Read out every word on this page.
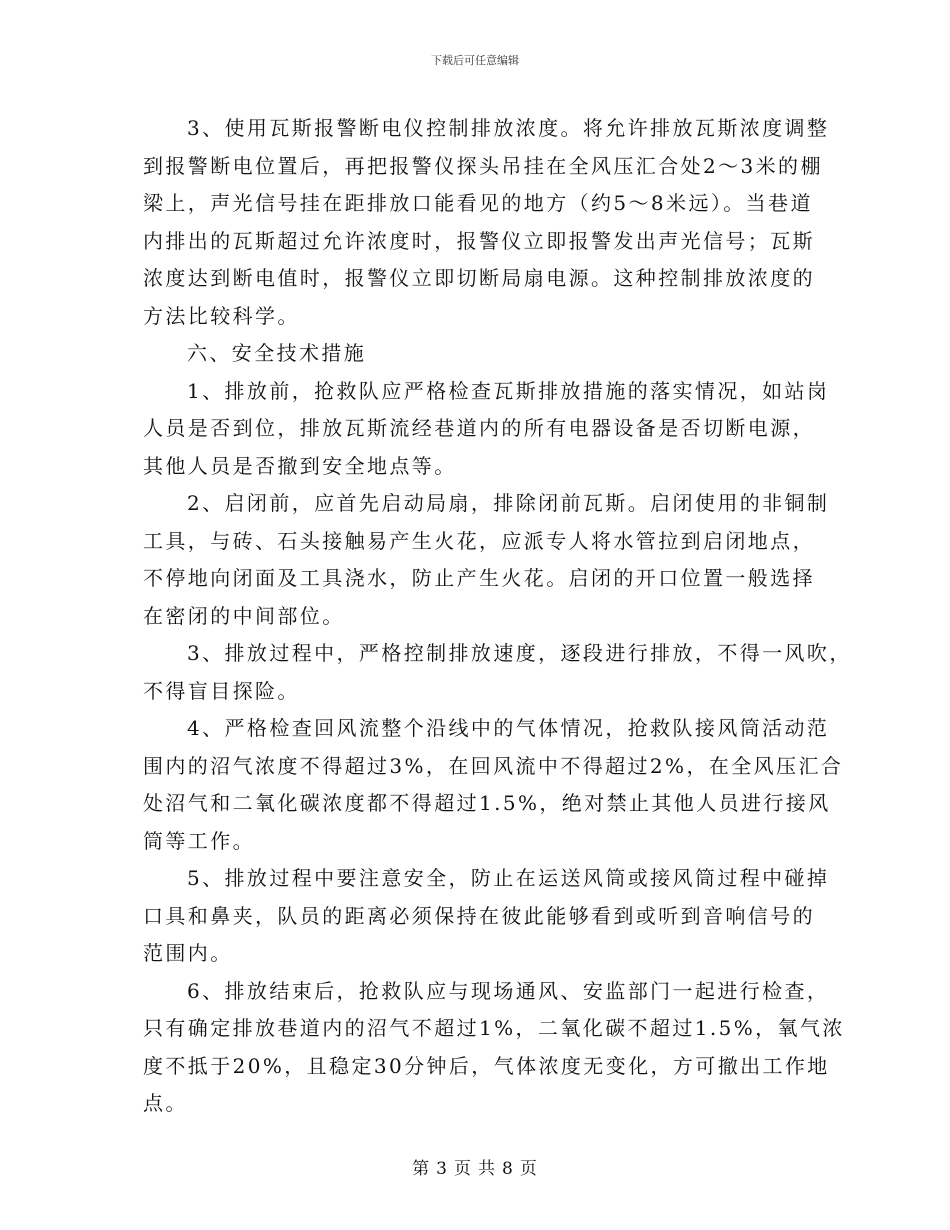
下载后可任意编辑
3、使用瓦斯报警断电仪控制排放浓度。将允许排放瓦斯浓度调整
到报警断电位置后，再把报警仪探头吊挂在全风压汇合处2～3米的棚
梁上，声光信号挂在距排放口能看见的地方（约5～8米远）。当巷道
内排出的瓦斯超过允许浓度时，报警仪立即报警发出声光信号；瓦斯
浓度达到断电值时，报警仪立即切断局扇电源。这种控制排放浓度的
方法比较科学。
六、安全技术措施
1、排放前，抢救队应严格检查瓦斯排放措施的落实情况，如站岗
人员是否到位，排放瓦斯流经巷道内的所有电器设备是否切断电源，
其他人员是否撤到安全地点等。
2、启闭前，应首先启动局扇，排除闭前瓦斯。启闭使用的非铜制
工具，与砖、石头接触易产生火花，应派专人将水管拉到启闭地点，
不停地向闭面及工具浇水，防止产生火花。启闭的开口位置一般选择
在密闭的中间部位。
3、排放过程中，严格控制排放速度，逐段进行排放，不得一风吹，
不得盲目探险。
4、严格检查回风流整个沿线中的气体情况，抢救队接风筒活动范
围内的沼气浓度不得超过3%，在回风流中不得超过2%，在全风压汇合
处沼气和二氧化碳浓度都不得超过1.5%，绝对禁止其他人员进行接风
筒等工作。
5、排放过程中要注意安全，防止在运送风筒或接风筒过程中碰掉
口具和鼻夹，队员的距离必须保持在彼此能够看到或听到音响信号的
范围内。
6、排放结束后，抢救队应与现场通风、安监部门一起进行检查，
只有确定排放巷道内的沼气不超过1%，二氧化碳不超过1.5%，氧气浓
度不抵于20%，且稳定30分钟后，气体浓度无变化，方可撤出工作地
点。
第 3 页 共 8 页
